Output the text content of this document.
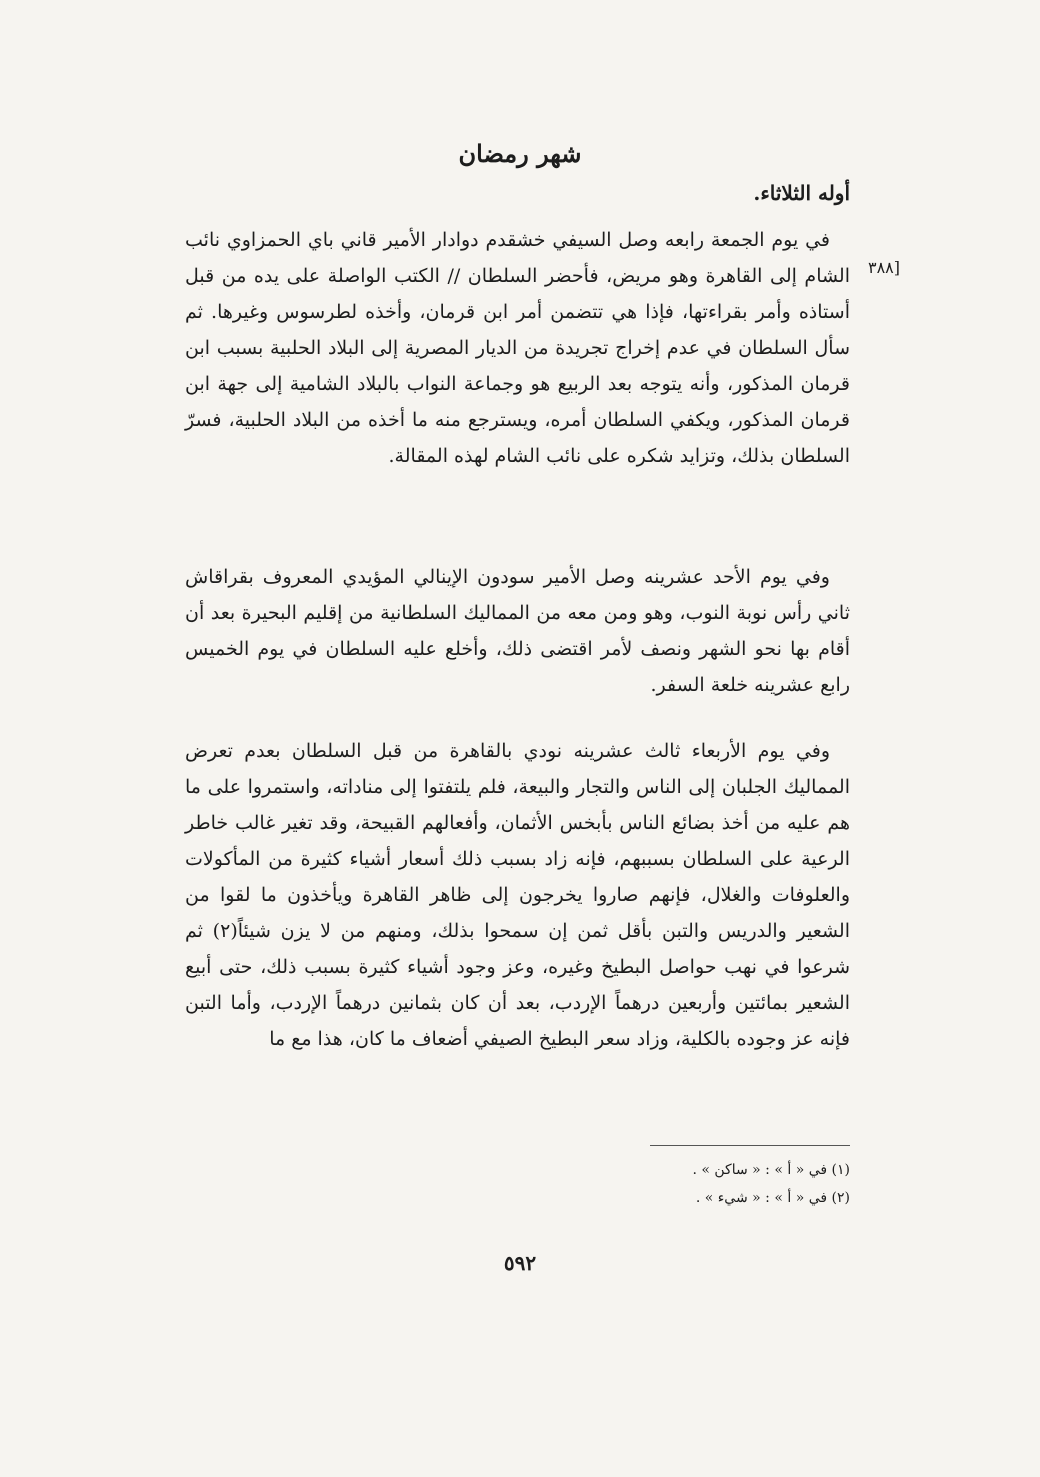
شهر رمضان
أوله الثلاثاء.
[٣٨٨
في يوم الجمعة رابعه وصل السيفي خشقدم دوادار الأمير قاني باي الحمزاوي نائب الشام إلى القاهرة وهو مريض، فأحضر السلطان // الكتب الواصلة على يده من قبل أستاذه وأمر بقراءتها، فإذا هي تتضمن أمر ابن قرمان، وأخذه لطرسوس وغيرها. ثم سأل السلطان في عدم إخراج تجريدة من الديار المصرية إلى البلاد الحلبية بسبب ابن قرمان المذكور، وأنه يتوجه بعد الربيع هو وجماعة النواب بالبلاد الشامية إلى جهة ابن قرمان المذكور، ويكفي السلطان أمره، ويسترجع منه ما أخذه من البلاد الحلبية، فسرّ السلطان بذلك، وتزايد شكره على نائب الشام لهذه المقالة.
وفي يوم الأحد عشرينه وصل الأمير سودون الإينالي المؤيدي المعروف بقراقاش ثاني رأس نوبة النوب، وهو ومن معه من المماليك السلطانية من إقليم البحيرة بعد أن أقام بها نحو الشهر ونصف لأمر اقتضى ذلك، وأخلع عليه السلطان في يوم الخميس رابع عشرينه خلعة السفر.
وفي يوم الأربعاء ثالث عشرينه نودي بالقاهرة من قبل السلطان بعدم تعرض المماليك الجلبان إلى الناس والتجار والبيعة، فلم يلتفتوا إلى مناداته، واستمروا على ما هم عليه من أخذ بضائع الناس بأبخس الأثمان، وأفعالهم القبيحة، وقد تغير غالب خاطر الرعية على السلطان بسببهم، فإنه زاد بسبب ذلك أسعار أشياء كثيرة من المأكولات والعلوفات والغلال، فإنهم صاروا يخرجون إلى ظاهر القاهرة ويأخذون ما لقوا من الشعير والدريس والتبن بأقل ثمن إن سمحوا بذلك، ومنهم من لا يزن شيئاً(٢) ثم شرعوا في نهب حواصل البطيخ وغيره، وعز وجود أشياء كثيرة بسبب ذلك، حتى أبيع الشعير بمائتين وأربعين درهماً الإردب، بعد أن كان بثمانين درهماً الإردب، وأما التبن فإنه عز وجوده بالكلية، وزاد سعر البطيخ الصيفي أضعاف ما كان، هذا مع ما
(١) في « أ » : « ساكن » .
(٢) في « أ » : « شيء » .
٥٩٢
